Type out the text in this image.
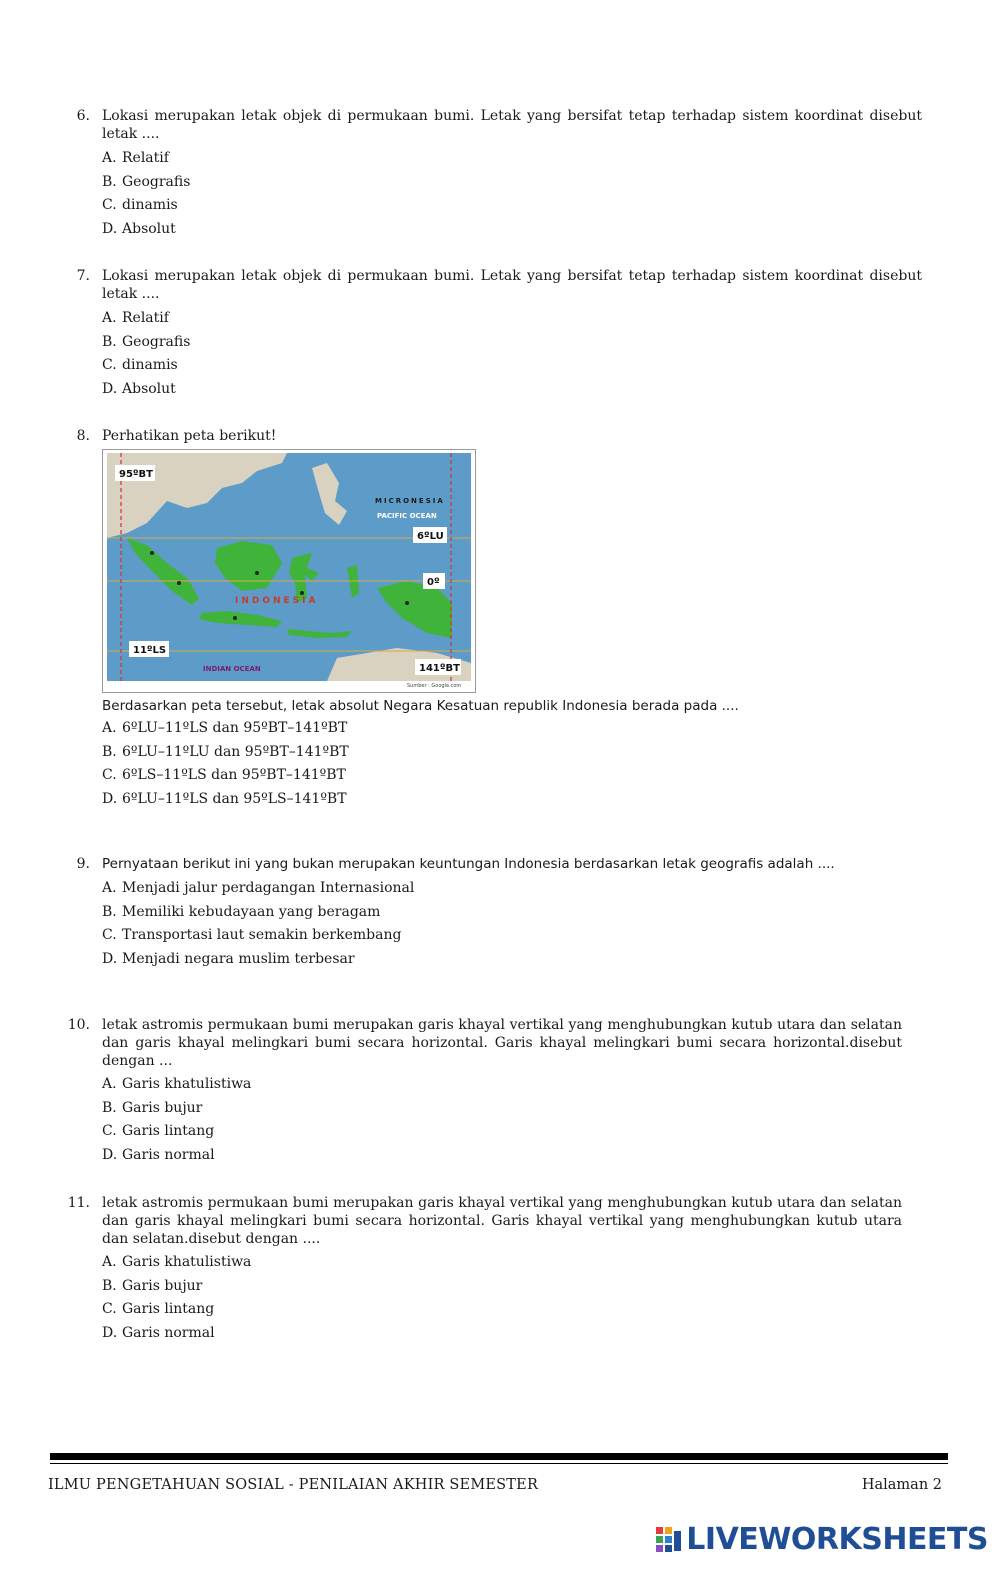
6. Lokasi merupakan letak objek di permukaan bumi. Letak yang bersifat tetap terhadap sistem koordinat disebut letak ....
A. Relatif
B. Geografis
C. dinamis
D. Absolut
7. Lokasi merupakan letak objek di permukaan bumi. Letak yang bersifat tetap terhadap sistem koordinat disebut letak ....
A. Relatif
B. Geografis
C. dinamis
D. Absolut
8. Perhatikan peta berikut!
95ºBT
6ºLU
0º
11ºLS
141ºBT
INDONESIA
INDIAN OCEAN
PACIFIC OCEAN
MICRONESIA
Sumber : Google.com
Berdasarkan peta tersebut, letak absolut Negara Kesatuan republik Indonesia berada pada ....
A. 6ºLU–11ºLS dan 95ºBT–141ºBT
B. 6ºLU–11ºLU dan 95ºBT–141ºBT
C. 6ºLS–11ºLS dan 95ºBT–141ºBT
D. 6ºLU–11ºLS dan 95ºLS–141ºBT
9. Pernyataan berikut ini yang bukan merupakan keuntungan Indonesia berdasarkan letak geografis adalah ....
A. Menjadi jalur perdagangan Internasional
B. Memiliki kebudayaan yang beragam
C. Transportasi laut semakin berkembang
D. Menjadi negara muslim terbesar
10. letak astromis permukaan bumi merupakan garis khayal vertikal yang menghubungkan kutub utara dan selatan dan garis khayal melingkari bumi secara horizontal. Garis khayal melingkari bumi secara horizontal.disebut dengan ...
A. Garis khatulistiwa
B. Garis bujur
C. Garis lintang
D. Garis normal
11. letak astromis permukaan bumi merupakan garis khayal vertikal yang menghubungkan kutub utara dan selatan dan garis khayal melingkari bumi secara horizontal. Garis khayal vertikal yang menghubungkan kutub utara dan selatan.disebut dengan ....
A. Garis khatulistiwa
B. Garis bujur
C. Garis lintang
D. Garis normal
ILMU PENGETAHUAN SOSIAL - PENILAIAN AKHIR SEMESTER	Halaman 2
LIVEWORKSHEETS
